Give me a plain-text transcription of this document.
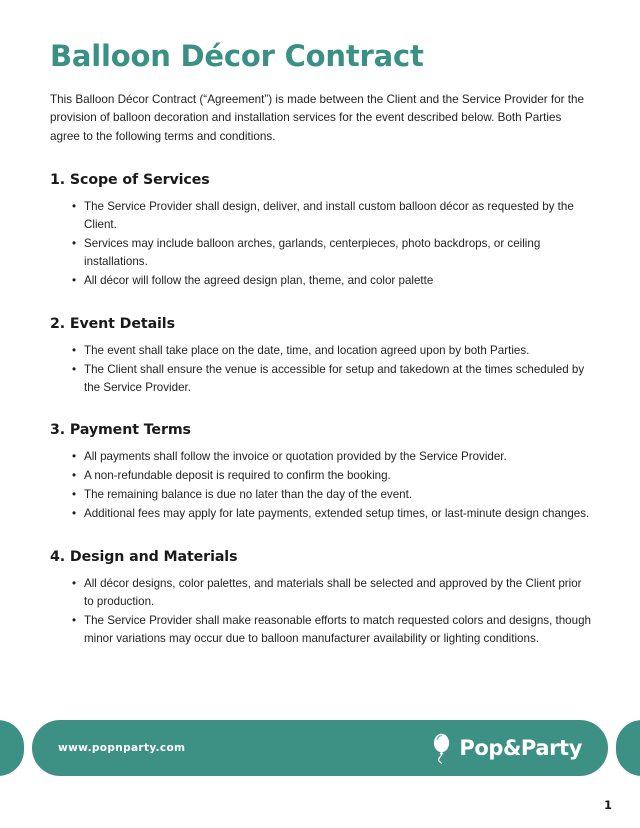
Balloon Décor Contract

This Balloon Décor Contract (“Agreement”) is made between the Client and the Service Provider for the provision of balloon decoration and installation services for the event described below. Both Parties agree to the following terms and conditions.

1. Scope of Services
• The Service Provider shall design, deliver, and install custom balloon décor as requested by the Client.
• Services may include balloon arches, garlands, centerpieces, photo backdrops, or ceiling installations.
• All décor will follow the agreed design plan, theme, and color palette
2. Event Details
• The event shall take place on the date, time, and location agreed upon by both Parties.
• The Client shall ensure the venue is accessible for setup and takedown at the times scheduled by the Service Provider.
3. Payment Terms
• All payments shall follow the invoice or quotation provided by the Service Provider.
• A non-refundable deposit is required to confirm the booking.
• The remaining balance is due no later than the day of the event.
• Additional fees may apply for late payments, extended setup times, or last-minute design changes.
4. Design and Materials
• All décor designs, color palettes, and materials shall be selected and approved by the Client prior to production.
• The Service Provider shall make reasonable efforts to match requested colors and designs, though minor variations may occur due to balloon manufacturer availability or lighting conditions.
www.popnparty.com	Pop&Party
1
